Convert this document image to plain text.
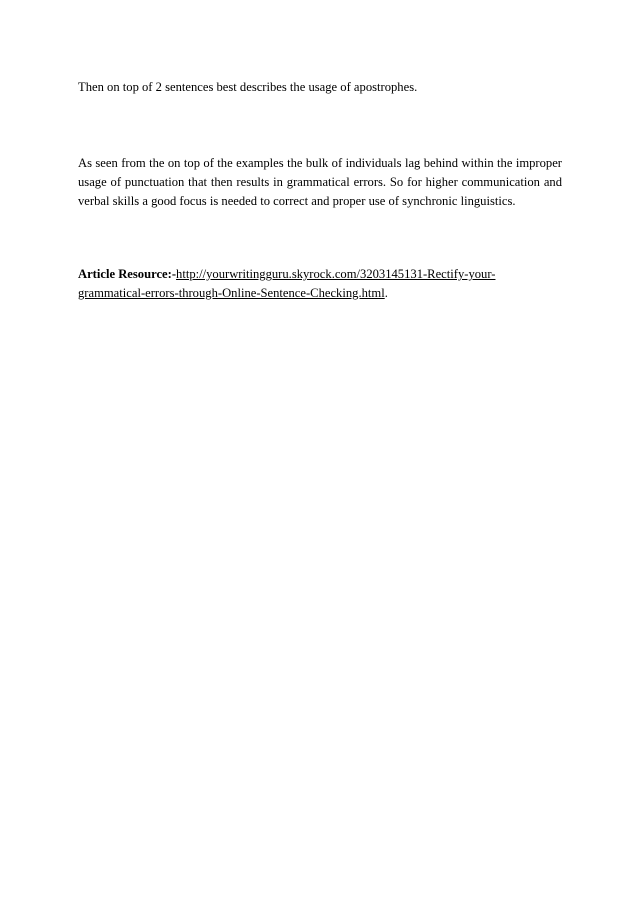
Then on top of 2 sentences best describes the usage of apostrophes.

As seen from the on top of the examples the bulk of individuals lag behind within the improper usage of punctuation that then results in grammatical errors. So for higher communication and verbal skills a good focus is needed to correct and proper use of synchronic linguistics.

Article Resource:-http://yourwritingguru.skyrock.com/3203145131-Rectify-your-
grammatical-errors-through-Online-Sentence-Checking.html.
